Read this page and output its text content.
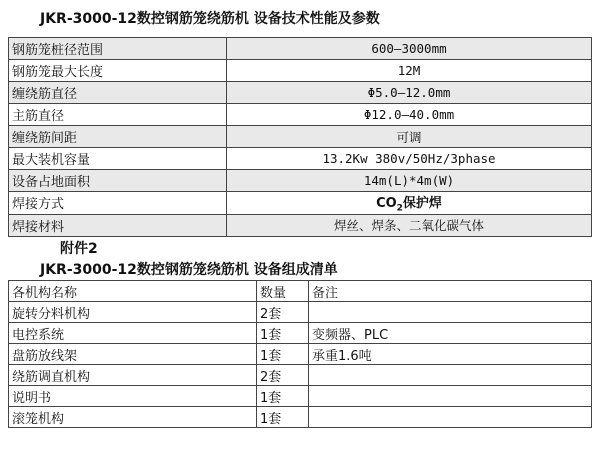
JKR-3000-12数控钢筋笼绕筋机 设备技术性能及参数
钢筋笼桩径范围	600—3000mm
钢筋笼最大长度	12M
缠绕筋直径	Φ5.0—12.0mm
主筋直径	Φ12.0—40.0mm
缠绕筋间距	可调
最大装机容量	13.2Kw 380v/50Hz/3phase
设备占地面积	14m(L)*4m(W)
焊接方式	$CO_2$保护焊
焊接材料	焊丝、焊条、二氧化碳气体
附件2
JKR-3000-12数控钢筋笼绕筋机 设备组成清单
各机构名称	数量	备注
旋转分料机构	2套	
电控系统	1套	变频器、PLC
盘筋放线架	1套	承重1.6吨
绕筋调直机构	2套	
说明书	1套	
滚笼机构	1套	
